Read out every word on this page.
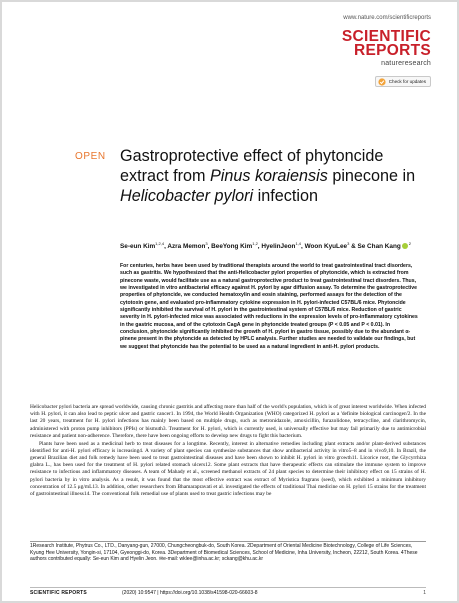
www.nature.com/scientificreports
SCIENTIFIC
REPORTS
natureresearch
Check for updates
OPEN Gastroprotective effect of phytoncide extract from Pinus koraiensis pinecone in Helicobacter pylori infection
Se-eun Kim$^{1,2,4}$, Azra Memon$^3$, BeeYong Kim$^{1,2}$, HyelinJeon$^{1,4}$, Woon KyuLee$^3$ & Se Chan Kang $^2$
For centuries, herbs have been used by traditional therapists around the world to treat gastrointestinal tract disorders, such as gastritis. We hypothesized that the anti-Helicobacter pylori properties of phytoncide, which is extracted from pinecone waste, would facilitate use as a natural gastroprotective product to treat gastrointestinal tract disorders. Thus, we investigated in vitro antibacterial efficacy against H. pylori by agar diffusion assay. To determine the gastroprotective properties of phytoncide, we conducted hematoxylin and eosin staining, performed assays for the detection of the cytotoxin gene, and evaluated pro-inflammatory cytokine expression in H. pylori-infected C57BL/6 mice. Phytoncide significantly inhibited the survival of H. pylori in the gastrointestinal system of C57BL/6 mice. Reduction of gastric severity in H. pylori-infected mice was associated with reductions in the expression levels of pro-inflammatory cytokines in the gastric mucosa, and of the cytotoxin CagA gene in phytoncide treated groups (P < 0.05 and P < 0.01). In conclusion, phytoncide significantly inhibited the growth of H. pylori in gastro tissue, possibly due to the abundant α-pinene present in the phytoncide as detected by HPLC analysis. Further studies are needed to validate our findings, but we suggest that phytoncide has the potential to be used as a natural ingredient in anti-H. pylori products.

Helicobacter pylori bacteria are spread worldwide, causing chronic gastritis and affecting more than half of the world's population, which is of great interest worldwide. When infected with H. pylori, it can also lead to peptic ulcer and gastric cancer1. In 1994, the World Health Organization (WHO) categorized H. pylori as a 'definite biological carcinogen'2. In the last 20 years, treatment for H. pylori infections has mainly been based on multiple drugs, such as metronidazole, amoxicillin, furazolidone, tetracycline, and clarithromycin, administered with proton pump inhibitors (PPIs) or bismuth3. Treatment for H. pylori, which is currently used, is universally effective but may fail primarily due to antimicrobial resistance and patient non-adherence. Therefore, there have been ongoing efforts to develop new drugs to fight this bacterium.

Plants have been used as a medicinal herb to treat diseases for a longtime. Recently, interest in alternative remedies including plant extracts and/or plant-derived substances identified for anti-H. pylori efficacy is increasing4. A variety of plant species can synthesize substances that show antibacterial activity in vitro5–8 and in vivo9,10. In Brazil, the general Brazilian diet and folk remedy have been used to treat gastrointestinal diseases and have been shown to inhibit H. pylori in vitro growth11. Licorice root, the Glycyrrhiza glabra L., has been used for the treatment of H. pylori related stomach ulcers12. Some plant extracts that have therapeutic effects can stimulate the immune system to improve resistance to infectious and inflammatory diseases. A team of Mahady et al., screened methanol extracts of 24 plant species to determine their inhibitory effect on 15 strains of H. pylori bacteria by in vitro analysis. As a result, it was found that the most effective extract was extract of Myristica fragrans (seed), which exhibited a minimum inhibitory concentration of 12.5 μg/mL13. In addition, other researchers from Bhamarapravati et al. investigated the effects of traditional Thai medicine on H. pylori 15 strains for the treatment of gastrointestinal illness14. The conventional folk remedial use of plants used to treat gastric infections may be

1Research Institute, Phytrus Co., LTD., Danyang-gun, 27000, Chungcheongbuk-do, South Korea. 2Department of Oriental Medicine Biotechnology, College of Life Sciences, Kyung Hee University, Yongin-si, 17104, Gyeonggi-do, Korea. 3Department of Biomedical Sciences, School of Medicine, Inha University, Incheon, 22212, South Korea. 4These authors contributed equally: Se-eun Kim and Hyelin Jeon. ✉e-mail: wklee@inha.ac.kr; sckang@khu.ac.kr
SCIENTIFIC REPORTS	(2020) 10:9547 | https://doi.org/10.1038/s41598-020-66603-8	1
